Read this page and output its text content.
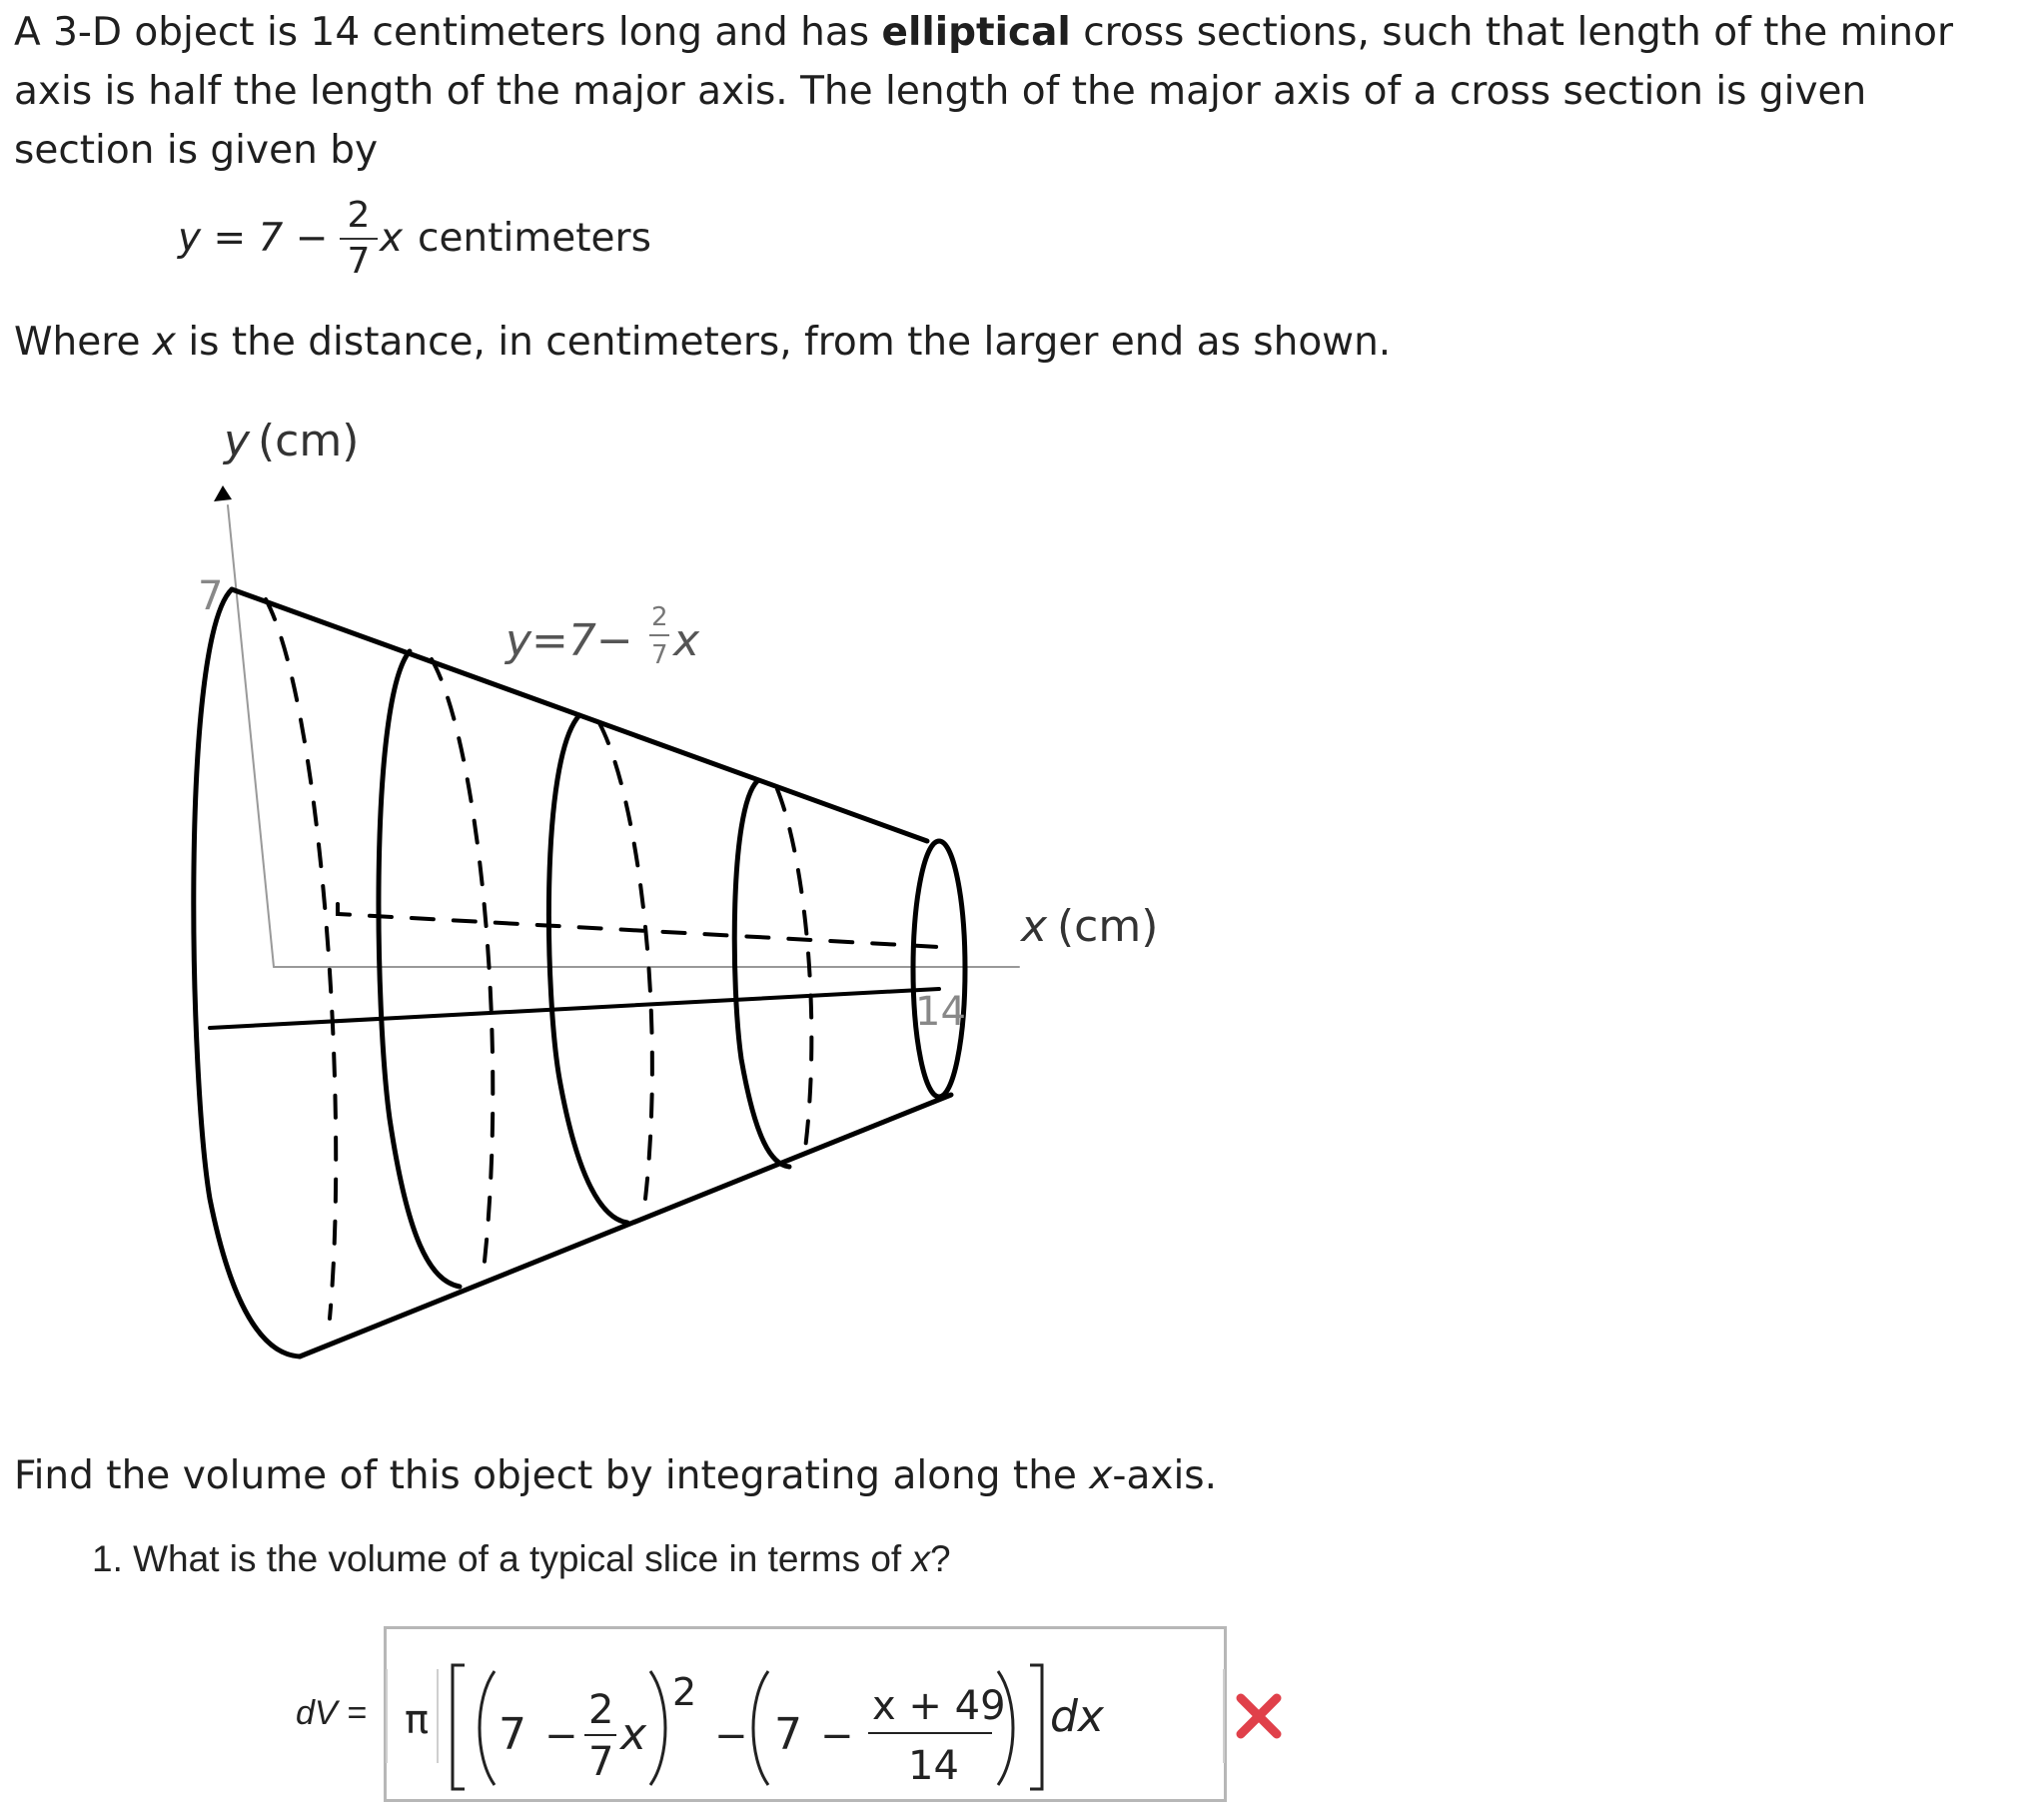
A 3-D object is 14 centimeters long and has elliptical cross sections, such that length of the minor axis is half the length of the major axis. The length of the major axis of a cross section is given section is given by
y = 7 −
2
7
x centimeters
Where x is the distance, in centimeters, from the larger end as shown.
7
14
y (cm)
x (cm)
y=7− 2
7 x
Find the volume of this object by integrating along the x-axis.
1. What is the volume of a typical slice in terms of x?
dV = π 7 −
2
7
x
2
− 7 −
x + 49
14
dx
